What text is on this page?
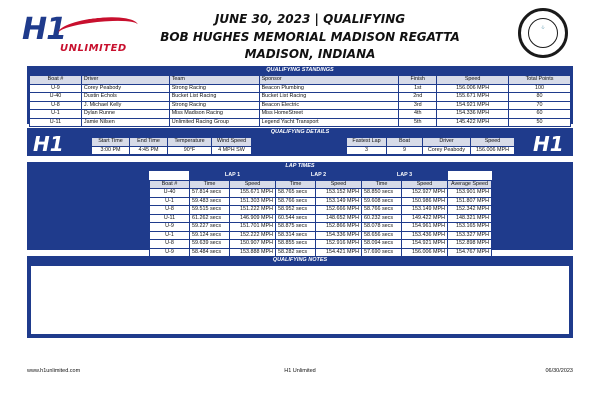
H1
UNLIMITED
JUNE 30, 2023 | QUALIFYING
BOB HUGHES MEMORIAL MADISON REGATTA
MADISON, INDIANA
⚓
QUALIFYING STANDINGS
Boat #	Driver	Team	Sponsor	Finish	Speed	Total Points
U-9	Corey Peabody	Strong Racing	Beacon Plumbing	1st	156.006 MPH	100
U-40	Dustin Echols	Bucket List Racing	Bucket List Racing	2nd	155.671 MPH	80
U-8	J. Michael Kelly	Strong Racing	Beacon Electric	3rd	154.921 MPH	70
U-1	Dylan Runne	Miss Madison Racing	Miss HomeStreet	4th	154.336 MPH	60
U-11	Jamie Nilsen	Unlimited Racing Group	Legend Yacht Transport	5th	145.422 MPH	50
QUALIFYING DETAILS
H1	Start Time	End Time	Temperature	Wind Speed
3:00 PM	4:45 PM	90°F	4 MPH SW
Fastest Lap	Boat	Driver	Speed
3	9	Corey Peabody	156.006 MPH H1
LAP TIMES
	LAP 1		LAP 2		LAP 3		
Boat #	Time	Speed	Time	Speed	Time	Speed	Average Speed
U-40	57.814 secs	155.671 MPH	58.765 secs	153.152 MPH	58.850 secs	152.927 MPH	153.901 MPH
U-1	59.483 secs	151.303 MPH	58.766 secs	153.149 MPH	59.608 secs	150.986 MPH	151.807 MPH
U-8	59.515 secs	151.222 MPH	58.952 secs	152.666 MPH	58.766 secs	153.149 MPH	152.342 MPH
U-11	61.262 secs	146.909 MPH	60.544 secs	148.652 MPH	60.232 secs	149.422 MPH	148.321 MPH
U-9	59.227 secs	151.701 MPH	58.875 secs	152.866 MPH	58.078 secs	154.961 MPH	153.165 MPH
U-1	59.124 secs	152.222 MPH	58.314 secs	154.336 MPH	58.656 secs	153.436 MPH	153.327 MPH
U-8	59.639 secs	150.907 MPH	58.855 secs	152.916 MPH	58.094 secs	154.921 MPH	152.898 MPH
U-9	58.484 secs	153.888 MPH	58.282 secs	154.421 MPH	57.690 secs	156.006 MPH	154.767 MPH
QUALIFYING NOTES
www.h1unlimited.com	H1 Unlimited	06/30/2023
